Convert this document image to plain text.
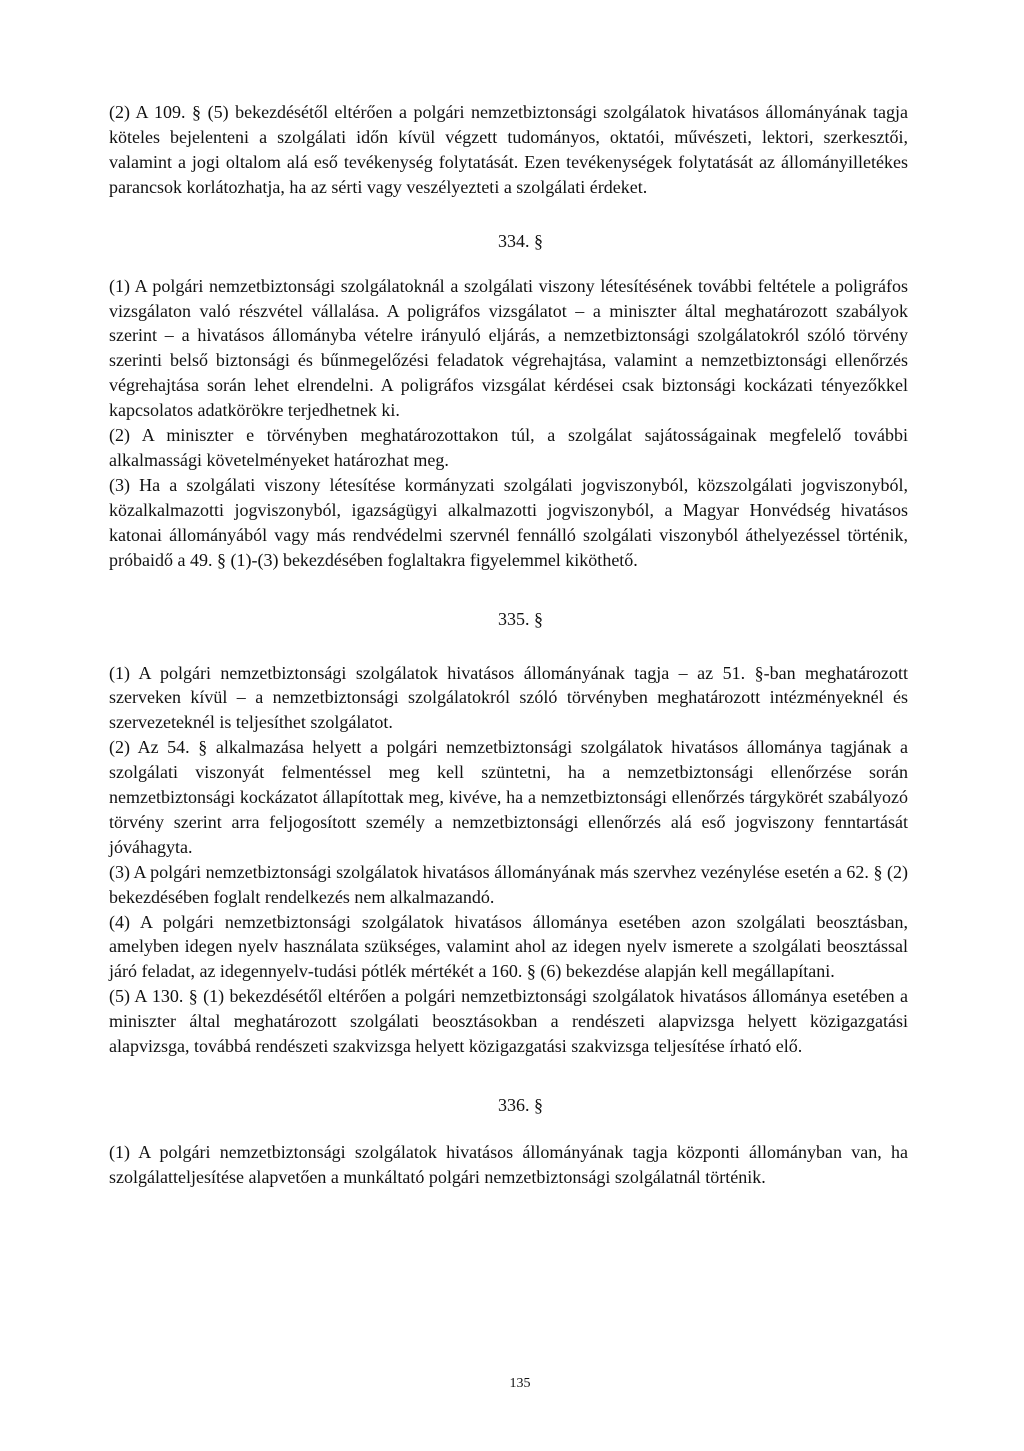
(2) A 109. § (5) bekezdésétől eltérően a polgári nemzetbiztonsági szolgálatok hivatásos állományának tagja köteles bejelenteni a szolgálati időn kívül végzett tudományos, oktatói, művészeti, lektori, szerkesztői, valamint a jogi oltalom alá eső tevékenység folytatását. Ezen tevékenységek folytatását az állományilletékes parancsok korlátozhatja, ha az sérti vagy veszélyezteti a szolgálati érdeket.

334. §

(1) A polgári nemzetbiztonsági szolgálatoknál a szolgálati viszony létesítésének további feltétele a poligráfos vizsgálaton való részvétel vállalása. A poligráfos vizsgálatot – a miniszter által meghatározott szabályok szerint – a hivatásos állományba vételre irányuló eljárás, a nemzetbiztonsági szolgálatokról szóló törvény szerinti belső biztonsági és bűnmegelőzési feladatok végrehajtása, valamint a nemzetbiztonsági ellenőrzés végrehajtása során lehet elrendelni. A poligráfos vizsgálat kérdései csak biztonsági kockázati tényezőkkel kapcsolatos adatkörökre terjedhetnek ki.

(2) A miniszter e törvényben meghatározottakon túl, a szolgálat sajátosságainak megfelelő további alkalmassági követelményeket határozhat meg.

(3) Ha a szolgálati viszony létesítése kormányzati szolgálati jogviszonyból, közszolgálati jogviszonyból, közalkalmazotti jogviszonyból, igazságügyi alkalmazotti jogviszonyból, a Magyar Honvédség hivatásos katonai állományából vagy más rendvédelmi szervnél fennálló szolgálati viszonyból áthelyezéssel történik, próbaidő a 49. § (1)-(3) bekezdésében foglaltakra figyelemmel kiköthető.

335. §

(1) A polgári nemzetbiztonsági szolgálatok hivatásos állományának tagja – az 51. §-ban meghatározott szerveken kívül – a nemzetbiztonsági szolgálatokról szóló törvényben meghatározott intézményeknél és szervezeteknél is teljesíthet szolgálatot.

(2) Az 54. § alkalmazása helyett a polgári nemzetbiztonsági szolgálatok hivatásos állománya tagjának a szolgálati viszonyát felmentéssel meg kell szüntetni, ha a nemzetbiztonsági ellenőrzése során nemzetbiztonsági kockázatot állapítottak meg, kivéve, ha a nemzetbiztonsági ellenőrzés tárgykörét szabályozó törvény szerint arra feljogosított személy a nemzetbiztonsági ellenőrzés alá eső jogviszony fenntartását jóváhagyta.

(3) A polgári nemzetbiztonsági szolgálatok hivatásos állományának más szervhez vezénylése esetén a 62. § (2) bekezdésében foglalt rendelkezés nem alkalmazandó.

(4) A polgári nemzetbiztonsági szolgálatok hivatásos állománya esetében azon szolgálati beosztásban, amelyben idegen nyelv használata szükséges, valamint ahol az idegen nyelv ismerete a szolgálati beosztással járó feladat, az idegennyelv-tudási pótlék mértékét a 160. § (6) bekezdése alapján kell megállapítani.

(5) A 130. § (1) bekezdésétől eltérően a polgári nemzetbiztonsági szolgálatok hivatásos állománya esetében a miniszter által meghatározott szolgálati beosztásokban a rendészeti alapvizsga helyett közigazgatási alapvizsga, továbbá rendészeti szakvizsga helyett közigazgatási szakvizsga teljesítése írható elő.

336. §

(1) A polgári nemzetbiztonsági szolgálatok hivatásos állományának tagja központi állományban van, ha szolgálatteljesítése alapvetően a munkáltató polgári nemzetbiztonsági szolgálatnál történik.

135
